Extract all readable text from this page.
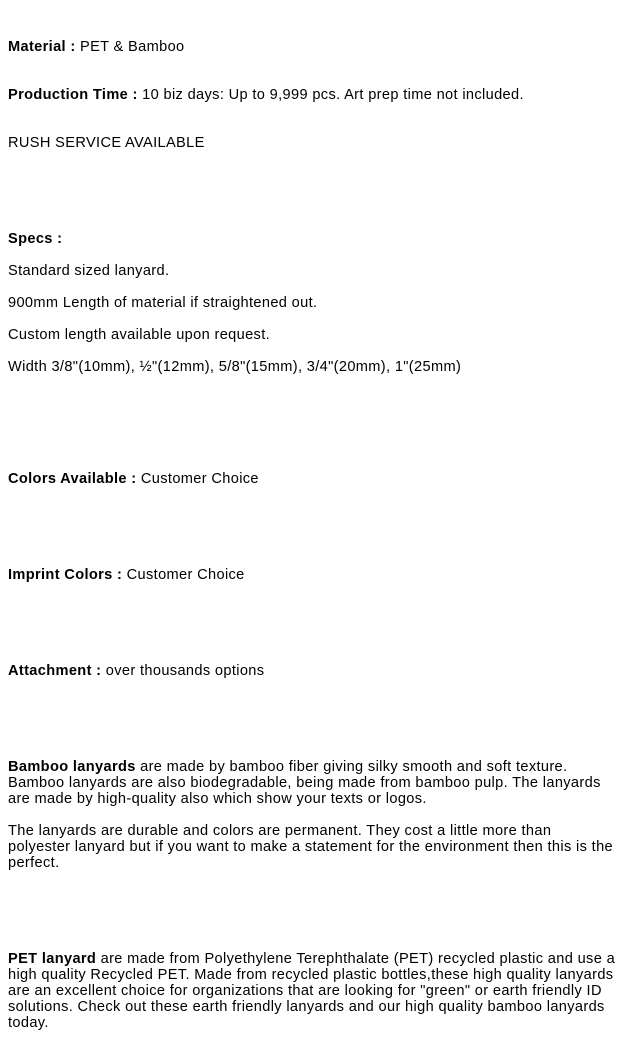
Material : PET & Bamboo

Production Time : 10 biz days: Up to 9,999 pcs. Art prep time not included.

RUSH SERVICE AVAILABLE

Specs :

Standard sized lanyard.

900mm Length of material if straightened out.

Custom length available upon request.

Width 3/8"(10mm), ½"(12mm), 5/8"(15mm), 3/4"(20mm), 1"(25mm)

Colors Available : Customer Choice

Imprint Colors : Customer Choice

Attachment : over thousands options

Bamboo lanyards are made by bamboo fiber giving silky smooth and soft texture. Bamboo lanyards are also biodegradable, being made from bamboo pulp. The lanyards are made by high-quality also which show your texts or logos.

The lanyards are durable and colors are permanent. They cost a little more than polyester lanyard but if you want to make a statement for the environment then this is the perfect.

PET lanyard are made from Polyethylene Terephthalate (PET) recycled plastic and use a high quality Recycled PET. Made from recycled plastic bottles,these high quality lanyards are an excellent choice for organizations that are looking for "green" or earth friendly ID solutions. Check out these earth friendly lanyards and our high quality bamboo lanyards today.
